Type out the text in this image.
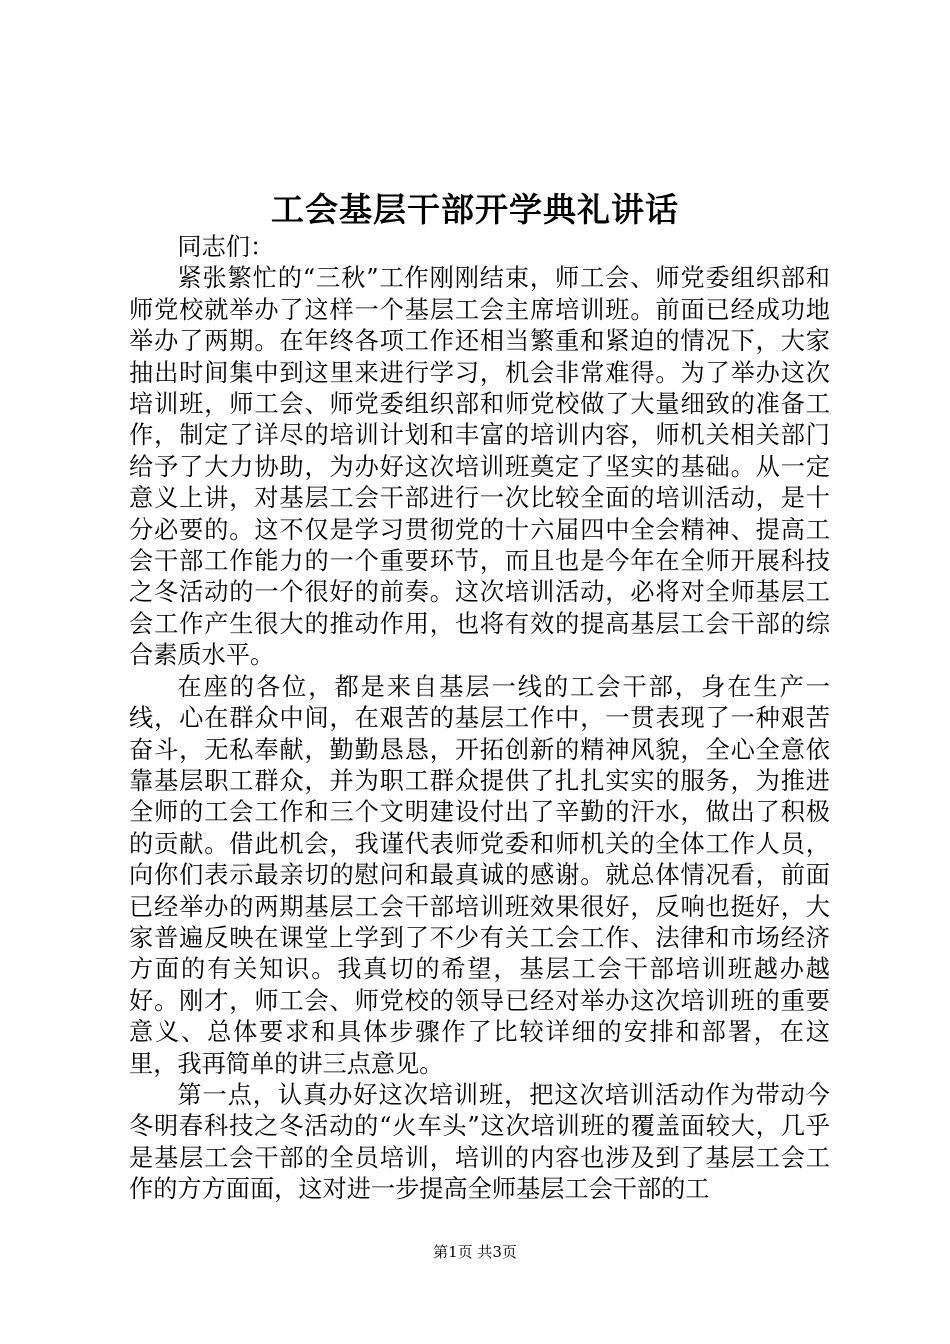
工会基层干部开学典礼讲话

同志们：

紧张繁忙的“三秋”工作刚刚结束，师工会、师党委组织部和师党校就举办了这样一个基层工会主席培训班。前面已经成功地举办了两期。在年终各项工作还相当繁重和紧迫的情况下，大家抽出时间集中到这里来进行学习，机会非常难得。为了举办这次培训班，师工会、师党委组织部和师党校做了大量细致的准备工作，制定了详尽的培训计划和丰富的培训内容，师机关相关部门给予了大力协助，为办好这次培训班奠定了坚实的基础。从一定意义上讲，对基层工会干部进行一次比较全面的培训活动，是十分必要的。这不仅是学习贯彻党的十六届四中全会精神、提高工会干部工作能力的一个重要环节，而且也是今年在全师开展科技之冬活动的一个很好的前奏。这次培训活动，必将对全师基层工会工作产生很大的推动作用，也将有效的提高基层工会干部的综合素质水平。

在座的各位，都是来自基层一线的工会干部，身在生产一线，心在群众中间，在艰苦的基层工作中，一贯表现了一种艰苦奋斗，无私奉献，勤勤恳恳，开拓创新的精神风貌，全心全意依靠基层职工群众，并为职工群众提供了扎扎实实的服务，为推进全师的工会工作和三个文明建设付出了辛勤的汗水，做出了积极的贡献。借此机会，我谨代表师党委和师机关的全体工作人员，向你们表示最亲切的慰问和最真诚的感谢。就总体情况看，前面已经举办的两期基层工会干部培训班效果很好，反响也挺好，大家普遍反映在课堂上学到了不少有关工会工作、法律和市场经济方面的有关知识。我真切的希望，基层工会干部培训班越办越好。刚才，师工会、师党校的领导已经对举办这次培训班的重要意义、总体要求和具体步骤作了比较详细的安排和部署，在这里，我再简单的讲三点意见。

第一点，认真办好这次培训班，把这次培训活动作为带动今冬明春科技之冬活动的“火车头”这次培训班的覆盖面较大，几乎是基层工会干部的全员培训，培训的内容也涉及到了基层工会工作的方方面面，这对进一步提高全师基层工会干部的工

第1页 共3页
